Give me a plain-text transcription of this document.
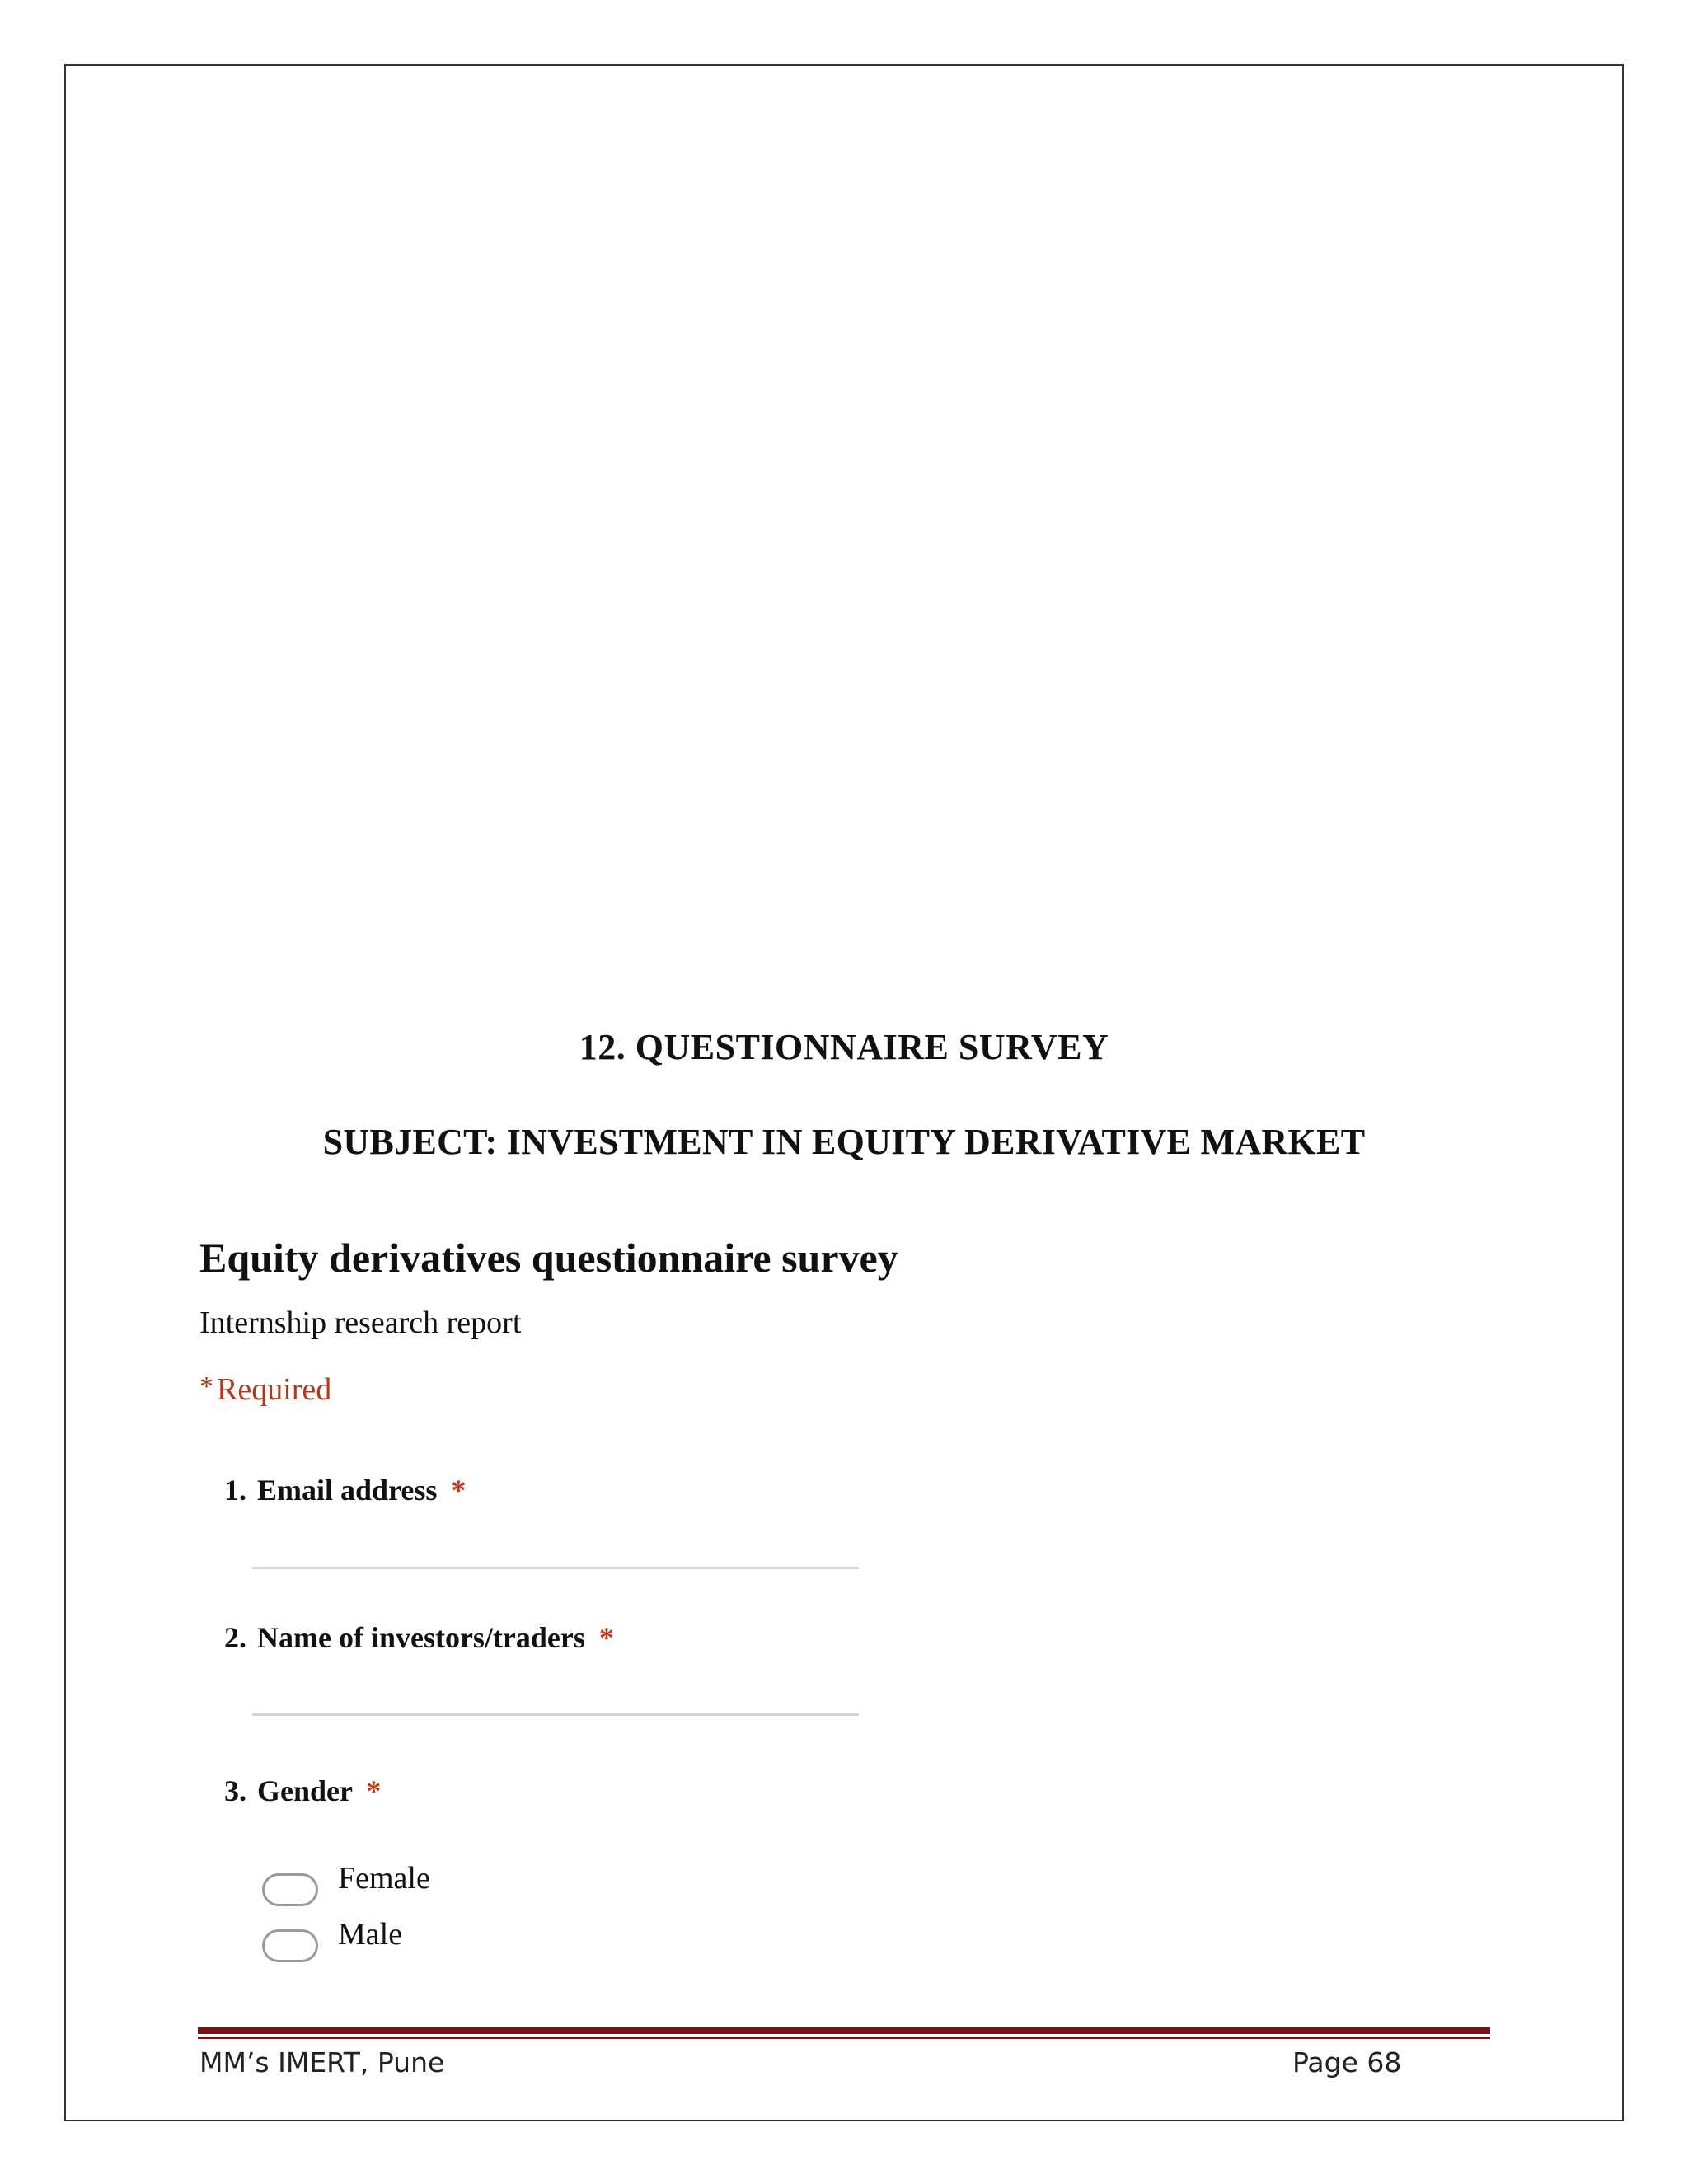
12. QUESTIONNAIRE SURVEY
SUBJECT: INVESTMENT IN EQUITY DERIVATIVE MARKET
Equity derivatives questionnaire survey
Internship research report
* Required
1. Email address *
2. Name of investors/traders *
3. Gender *
Female
Male
MM’s IMERT, Pune	Page 68
